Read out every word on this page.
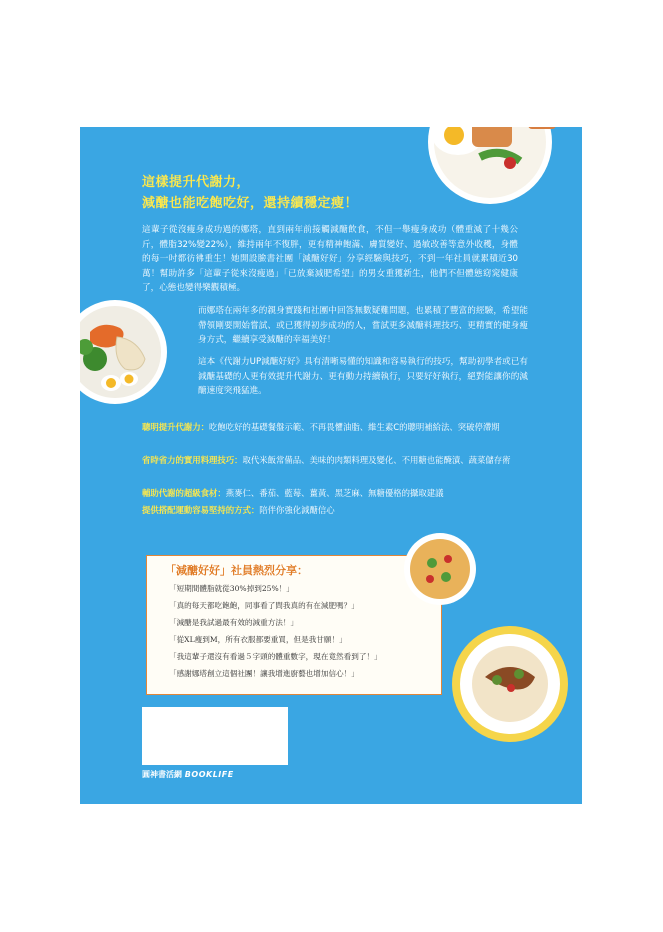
這樣提升代謝力，
減醣也能吃飽吃好，還持續穩定瘦！
這輩子從沒瘦身成功過的娜塔，直到兩年前接觸減醣飲食，不但一舉瘦身成功（體重減了十幾公斤，體脂32%變22%），維持兩年不復胖，更有精神飽滿、膚質變好、過敏改善等意外收穫，身體的每一吋都彷彿重生！她開設臉書社團「減醣好好」分享經驗與技巧，不到一年社員就累積近30萬！幫助許多「這輩子從來沒瘦過」「已放棄減肥希望」的男女重獲新生，他們不但體態窈窕健康了，心態也變得樂觀積極。
而娜塔在兩年多的親身實踐和社團中回答無數疑難問題，也累積了豐富的經驗，希望能帶領剛要開始嘗試、或已獲得初步成功的人，嘗試更多減醣料理技巧、更精實的健身瘦身方式，繼續享受減醣的幸福美好！
這本《代謝力UP減醣好好》具有清晰易懂的知識和容易執行的技巧，幫助初學者或已有減醣基礎的人更有效提升代謝力、更有動力持續執行，只要好好執行，絕對能讓你的減醣速度突飛猛進。
聰明提升代謝力：吃飽吃好的基礎餐盤示範、不再畏懼油脂、維生素C的聰明補給法、突破停滯期
省時省力的實用料理技巧：取代米飯常備品、美味的肉類料理及變化、不用糖也能醃漬、蔬菜儲存術
輔助代謝的超級食材：燕麥仁、番茄、藍莓、薑黃、黑芝麻、無糖優格的攝取建議
提供搭配運動容易堅持的方式：陪伴你強化減醣信心
「減醣好好」社員熱烈分享：
「短期間體脂就從30%掉到25%！」
「真的每天都吃飽飽，同事看了問我真的有在減肥嗎？」
「減醣是我試過最有效的減重方法！」
「從XL瘦到M，所有衣服都要重買，但是我甘願！」
「我這輩子還沒有看過５字頭的體重數字，現在竟然看到了！」
「感謝娜塔創立這個社團！讓我增進廚藝也增加信心！」
圓神書活網 BOOKLIFE
